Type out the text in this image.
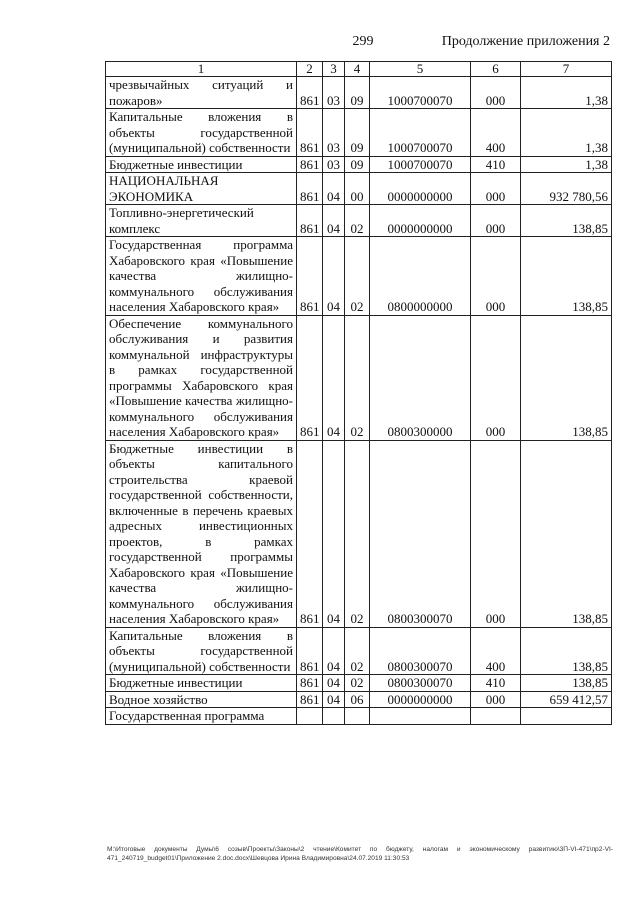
299	Продолжение приложения 2
1	2	3	4	5	6	7
чрезвычайных ситуаций и пожаров»	861	03	09	1000700070	000	1,38
Капитальные вложения в объекты государственной (муниципальной) собственности	861	03	09	1000700070	400	1,38
Бюджетные инвестиции	861	03	09	1000700070	410	1,38
НАЦИОНАЛЬНАЯ ЭКОНОМИКА	861	04	00	0000000000	000	932 780,56
Топливно-энергетический комплекс	861	04	02	0000000000	000	138,85
Государственная программа Хабаровского края «Повышение качества жилищно-коммунального обслуживания населения Хабаровского края»	861	04	02	0800000000	000	138,85
Обеспечение коммунального обслуживания и развития коммунальной инфраструктуры в рамках государственной программы Хабаровского края «Повышение качества жилищно-коммунального обслуживания населения Хабаровского края»	861	04	02	0800300000	000	138,85
Бюджетные инвестиции в объекты капитального строительства краевой государственной собственности, включенные в перечень краевых адресных инвестиционных проектов, в рамках государственной программы Хабаровского края «Повышение качества жилищно-коммунального обслуживания населения Хабаровского края»	861	04	02	0800300070	000	138,85
Капитальные вложения в объекты государственной (муниципальной) собственности	861	04	02	0800300070	400	138,85
Бюджетные инвестиции	861	04	02	0800300070	410	138,85
Водное хозяйство	861	04	06	0000000000	000	659 412,57
Государственная программа						
M:\Итоговые документы Думы\6 созыв\Проекты\Законы\2 чтение\Комитет по бюджету, налогам и экономическому развитию\3П-VI-471\пр2-VI-471_240719_budget01\Приложение 2.doc.docx\Шевцова Ирина Владимировна\24.07.2019 11:30:53
